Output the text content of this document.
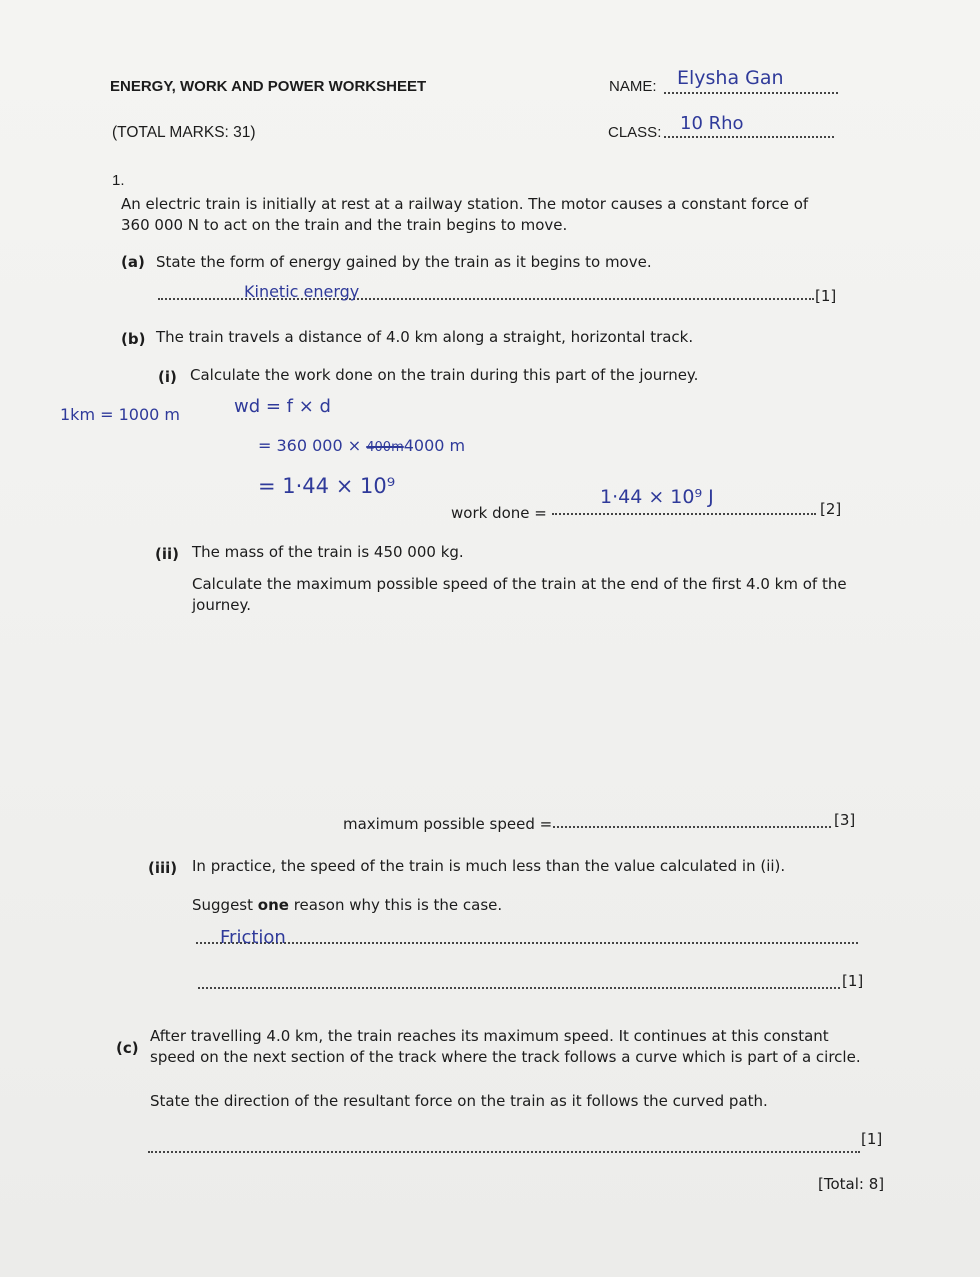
ENERGY, WORK AND POWER WORKSHEET
(TOTAL MARKS: 31)
NAME: Elysha Gan
CLASS: 10 Rho
1.
An electric train is initially at rest at a railway station. The motor causes a constant force of
360 000 N to act on the train and the train begins to move.
(a) State the form of energy gained by the train as it begins to move.
Kinetic energy	[1]
(b) The train travels a distance of 4.0 km along a straight, horizontal track.
(i) Calculate the work done on the train during this part of the journey.
1km = 1000 m	wd = f × d
= 360 000 × 400m4000 m
= 1·44 × 10⁹
work done =
1·44 × 10⁹ J
[2]
(ii) The mass of the train is 450 000 kg.
Calculate the maximum possible speed of the train at the end of the first 4.0 km of the
journey.
maximum possible speed =	[3]
(iii) In practice, the speed of the train is much less than the value calculated in (ii).
Suggest one reason why this is the case.
Friction
[1]
(c)
After travelling 4.0 km, the train reaches its maximum speed. It continues at this constant
speed on the next section of the track where the track follows a curve which is part of a circle.
State the direction of the resultant force on the train as it follows the curved path.
[1]
[Total: 8]
